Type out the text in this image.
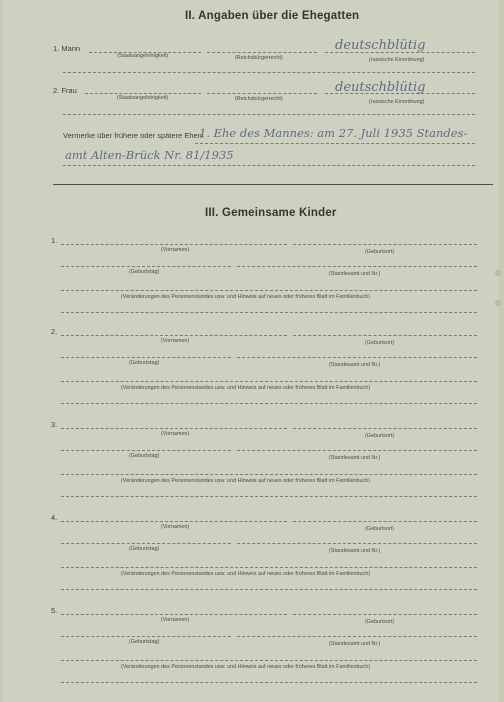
II. Angaben über die Ehegatten
1. Mann
(Staatsangehörigkeit)	(Reichsbürgerrecht)	(rassische Einordnung)
deutschblütig
2. Frau
(Staatsangehörigkeit)	(Reichsbürgerrecht)	(rassische Einordnung)
deutschblütig
Vermerke über frühere oder spätere Ehen:
1. Ehe des Mannes: am 27. Juli 1935 Standes-
amt Alten-Brück Nr. 81/1935
III. Gemeinsame Kinder
1.
(Vornamen)	(Geburtsort)
(Geburtstag)	(Standesamt und Nr.)
(Veränderungen des Personenstandes usw. und Hinweis auf neues oder früheres Blatt im Familienbuch)
2.
(Vornamen)	(Geburtsort)
(Geburtstag)	(Standesamt und Nr.)
(Veränderungen des Personenstandes usw. und Hinweis auf neues oder früheres Blatt im Familienbuch)
3.
(Vornamen)	(Geburtsort)
(Geburtstag)	(Standesamt und Nr.)
(Veränderungen des Personenstandes usw. und Hinweis auf neues oder früheres Blatt im Familienbuch)
4.
(Vornamen)	(Geburtsort)
(Geburtstag)	(Standesamt und Nr.)
(Veränderungen des Personenstandes usw. und Hinweis auf neues oder früheres Blatt im Familienbuch)
5.
(Vornamen)	(Geburtsort)
(Geburtstag)	(Standesamt und Nr.)
(Veränderungen des Personenstandes usw. und Hinweis auf neues oder früheres Blatt im Familienbuch)
·
